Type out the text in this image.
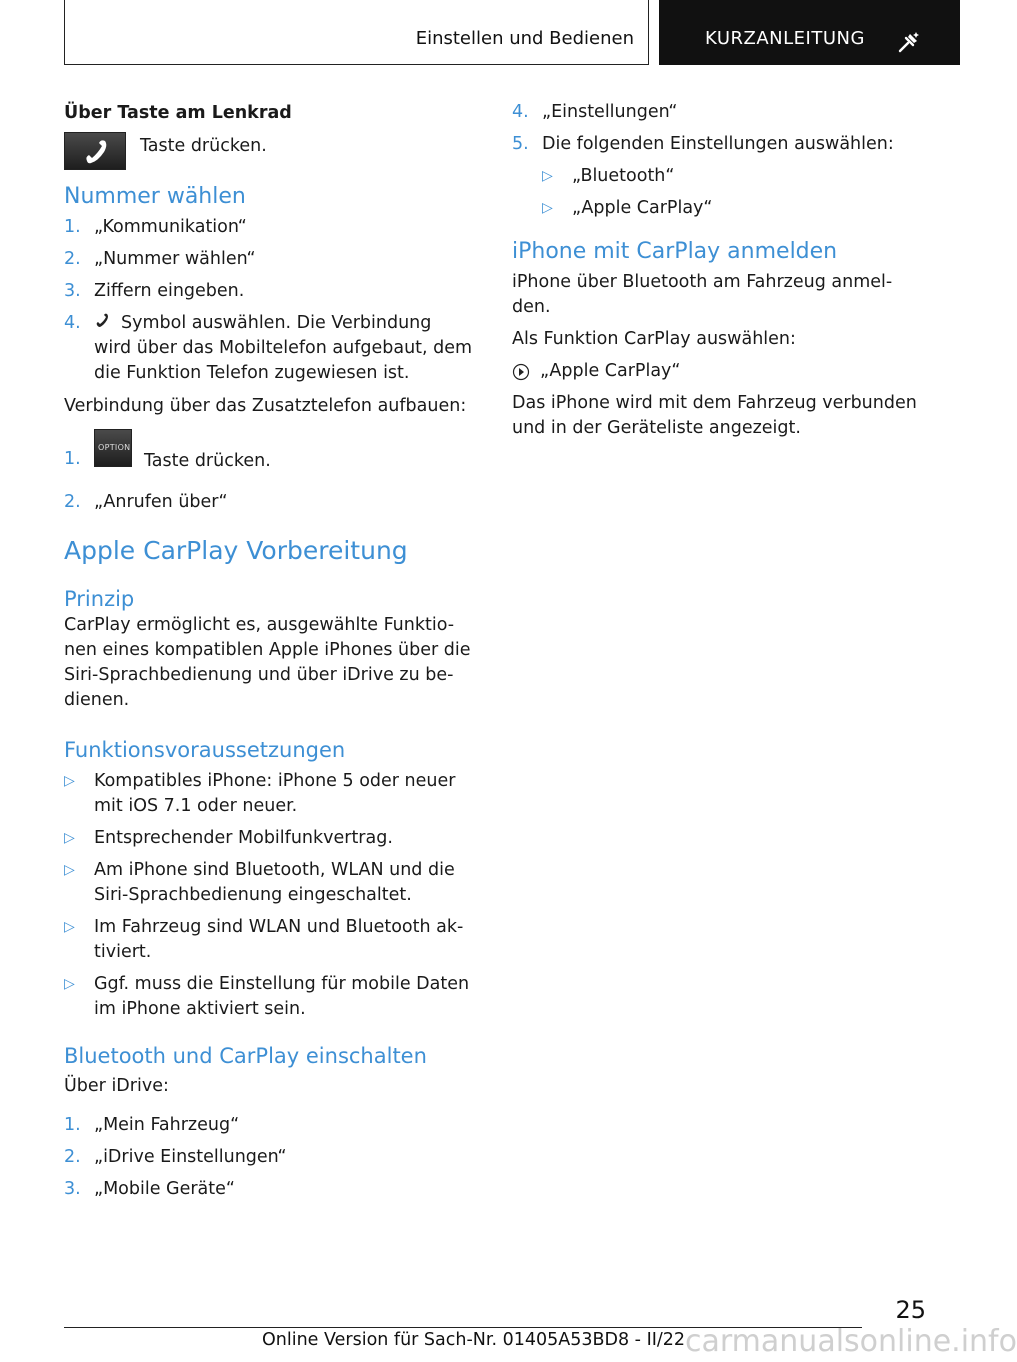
Einstellen und Bedienen	KURZANLEITUNG
Über Taste am Lenkrad

Taste drücken.

Nummer wählen
1. „Kommunikation“
2. „Nummer wählen“
3. Ziffern eingeben.
4.	Symbol auswählen. Die Verbindung
wird über das Mobiltelefon aufgebaut, dem
die Funktion Telefon zugewiesen ist.

Verbindung über das Zusatztelefon aufbauen:

1.
OPTION

Taste drücken.

2. „Anrufen über“
Apple CarPlay Vorbereitung
Prinzip

CarPlay ermöglicht es, ausgewählte Funktio-

nen eines kompatiblen Apple iPhones über die

Siri-Sprachbedienung und über iDrive zu be-

dienen.

Funktionsvoraussetzungen
▷ Kompatibles iPhone: iPhone 5 oder neuer
mit iOS 7.1 oder neuer.
▷ Entsprechender Mobilfunkvertrag.
▷ Am iPhone sind Bluetooth, WLAN und die
Siri-Sprachbedienung eingeschaltet.
▷ Im Fahrzeug sind WLAN und Bluetooth ak-
tiviert.
▷ Ggf. muss die Einstellung für mobile Daten
im iPhone aktiviert sein.
Bluetooth und CarPlay einschalten

Über iDrive:

1. „Mein Fahrzeug“
2. „iDrive Einstellungen“
3. „Mobile Geräte“
4. „Einstellungen“
5. Die folgenden Einstellungen auswählen:
▷ „Bluetooth“
▷ „Apple CarPlay“
iPhone mit CarPlay anmelden

iPhone über Bluetooth am Fahrzeug anmel-

den.

Als Funktion CarPlay auswählen:

„Apple CarPlay“

Das iPhone wird mit dem Fahrzeug verbunden

und in der Geräteliste angezeigt.

25
Online Version für Sach-Nr. 01405A53BD8 - II/22 carmanualsonline.info
